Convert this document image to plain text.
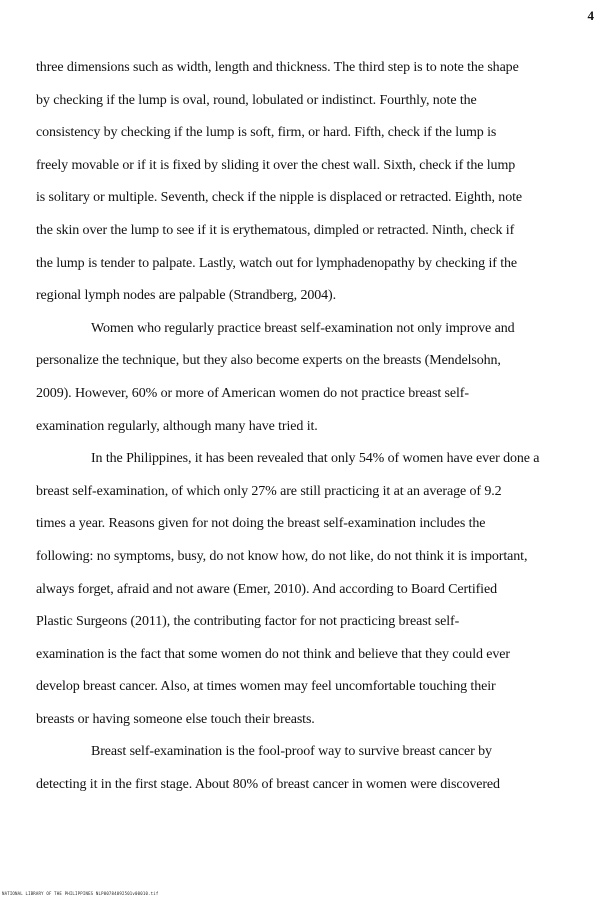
4
three dimensions such as width, length and thickness. The third step is to note the shape
by checking if the lump is oval, round, lobulated or indistinct. Fourthly, note the
consistency by checking if the lump is soft, firm, or hard. Fifth, check if the lump is
freely movable or if it is fixed by sliding it over the chest wall. Sixth, check if the lump
is solitary or multiple. Seventh, check if the nipple is displaced or retracted. Eighth, note
the skin over the lump to see if it is erythematous, dimpled or retracted. Ninth, check if
the lump is tender to palpate. Lastly, watch out for lymphadenopathy by checking if the
regional lymph nodes are palpable (Strandberg, 2004).
Women who regularly practice breast self-examination not only improve and
personalize the technique, but they also become experts on the breasts (Mendelsohn,
2009). However, 60% or more of American women do not practice breast self-
examination regularly, although many have tried it.
In the Philippines, it has been revealed that only 54% of women have ever done a
breast self-examination, of which only 27% are still practicing it at an average of 9.2
times a year. Reasons given for not doing the breast self-examination includes the
following: no symptoms, busy, do not know how, do not like, do not think it is important,
always forget, afraid and not aware (Emer, 2010). And according to Board Certified
Plastic Surgeons (2011), the contributing factor for not practicing breast self-
examination is the fact that some women do not think and believe that they could ever
develop breast cancer. Also, at times women may feel uncomfortable touching their
breasts or having someone else touch their breasts.
Breast self-examination is the fool-proof way to survive breast cancer by
detecting it in the first stage. About 80% of breast cancer in women were discovered
NATIONAL LIBRARY OF THE PHILIPPINES NLP00784092501v00010.tif
